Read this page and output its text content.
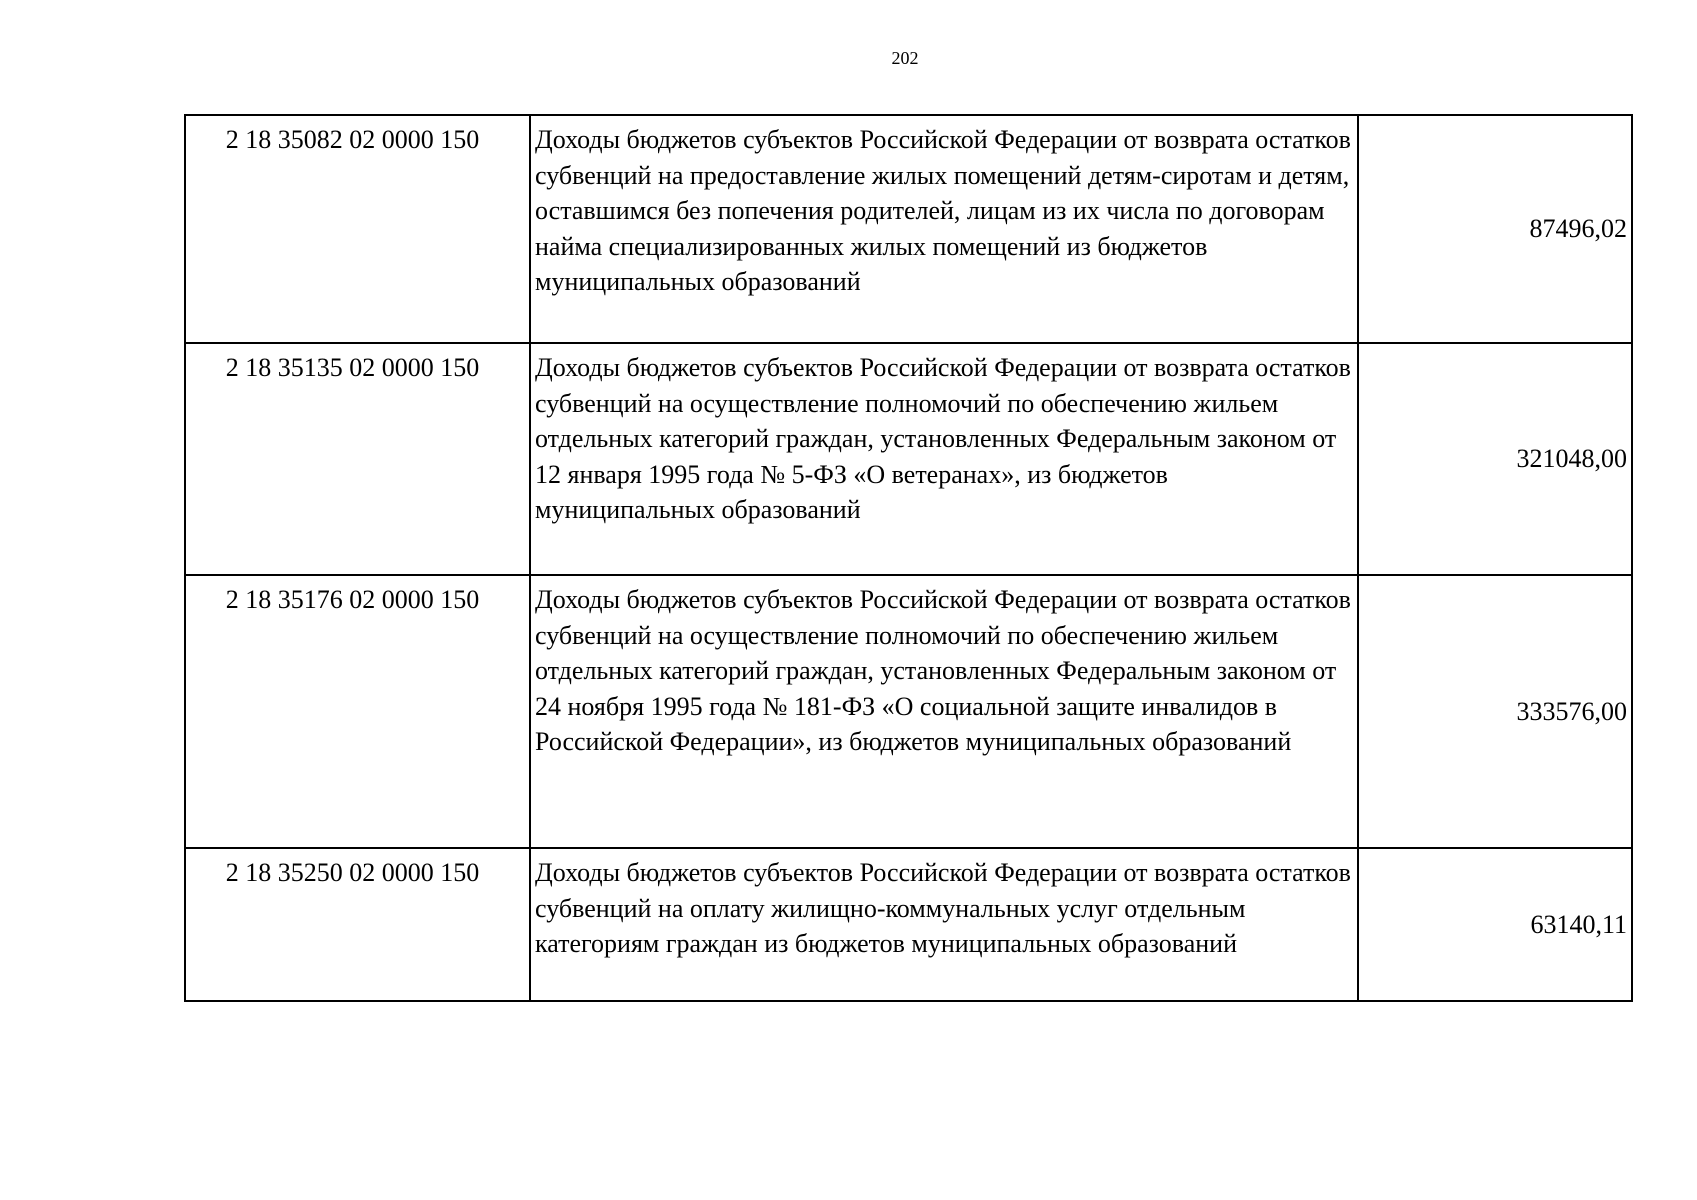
202
2 18 35082 02 0000 150	Доходы бюджетов субъектов Российской Федерации от возврата остатков субвенций на предоставление жилых помещений детям-сиротам и детям, оставшимся без попечения родителей, лицам из их числа по договорам найма специализированных жилых помещений из бюджетов муниципальных образований	87496,02
2 18 35135 02 0000 150	Доходы бюджетов субъектов Российской Федерации от возврата остатков субвенций на осуществление полномочий по обеспечению жильем отдельных категорий граждан, установленных Федеральным законом от 12 января 1995 года № 5-ФЗ «О ветеранах», из бюджетов муниципальных образований	321048,00
2 18 35176 02 0000 150	Доходы бюджетов субъектов Российской Федерации от возврата остатков субвенций на осуществление полномочий по обеспечению жильем отдельных категорий граждан, установленных Федеральным законом от 24 ноября 1995 года № 181-ФЗ «О социальной защите инвалидов в Российской Федерации», из бюджетов муниципальных образований	333576,00
2 18 35250 02 0000 150	Доходы бюджетов субъектов Российской Федерации от возврата остатков субвенций на оплату жилищно-коммунальных услуг отдельным категориям граждан из бюджетов муниципальных образований	63140,11
